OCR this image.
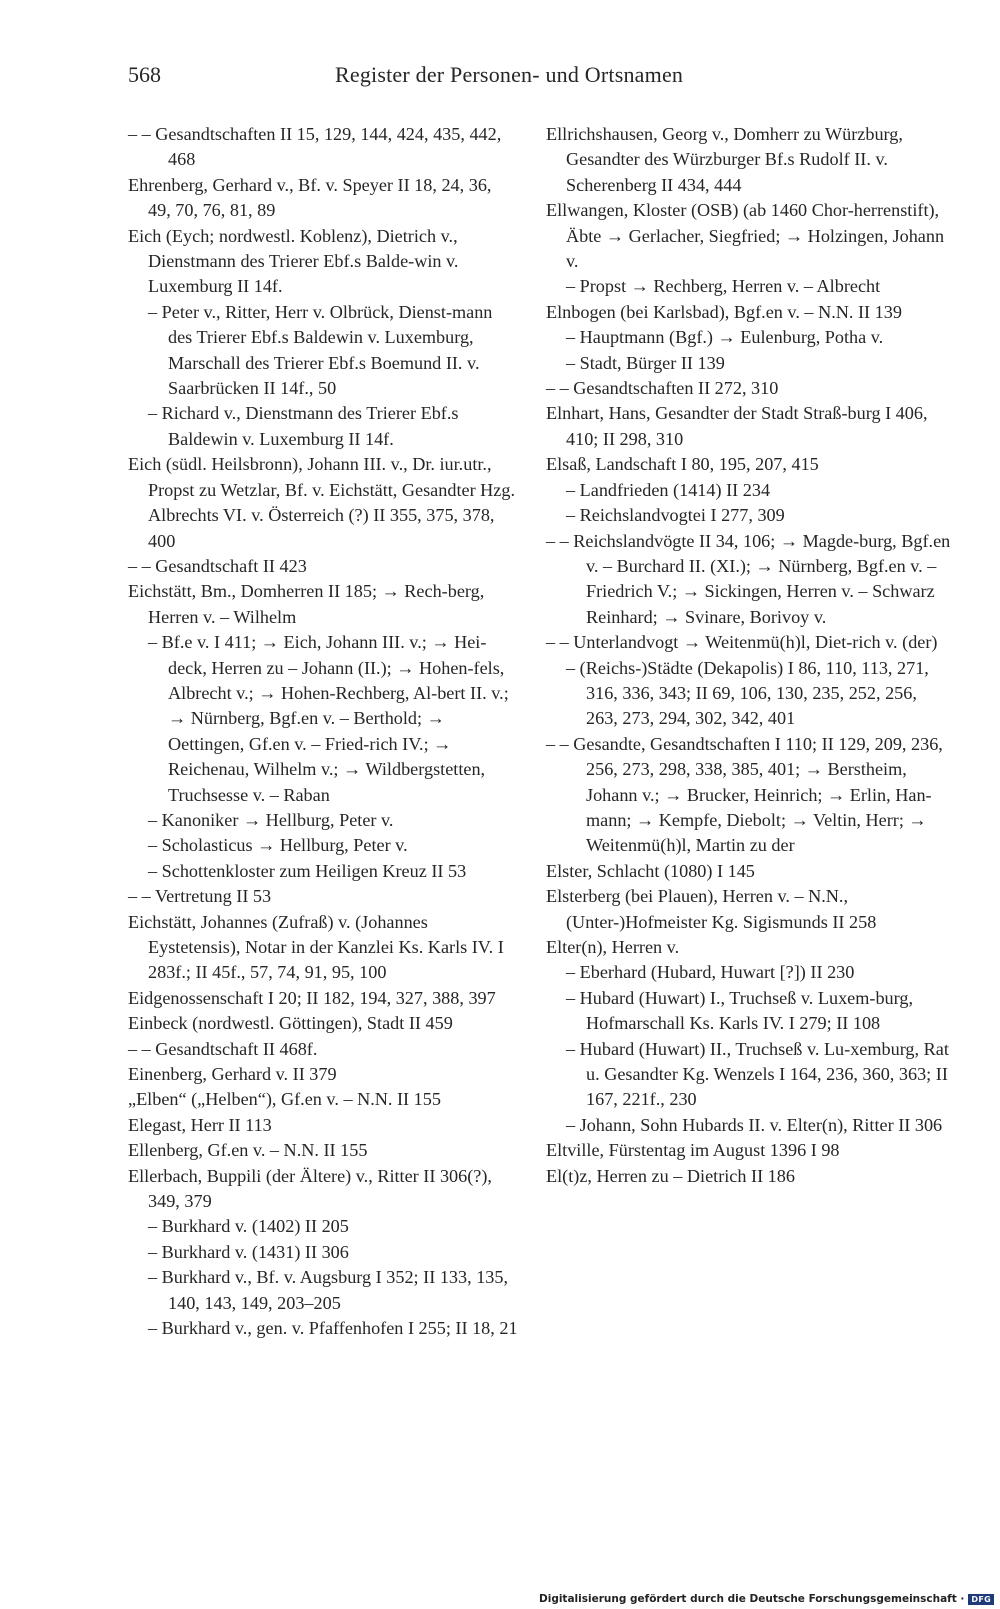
568	Register der Personen- und Ortsnamen

– – Gesandtschaften II 15, 129, 144, 424, 435, 442, 468

Ehrenberg, Gerhard v., Bf. v. Speyer II 18, 24, 36, 49, 70, 76, 81, 89

Eich (Eych; nordwestl. Koblenz), Dietrich v., Dienstmann des Trierer Ebf.s Balde-win v. Luxemburg II 14f.

– Peter v., Ritter, Herr v. Olbrück, Dienst-mann des Trierer Ebf.s Baldewin v. Luxemburg, Marschall des Trierer Ebf.s Boemund II. v. Saarbrücken II 14f., 50

– Richard v., Dienstmann des Trierer Ebf.s Baldewin v. Luxemburg II 14f.

Eich (südl. Heilsbronn), Johann III. v., Dr. iur.utr., Propst zu Wetzlar, Bf. v. Eichstätt, Gesandter Hzg. Albrechts VI. v. Österreich (?) II 355, 375, 378, 400

– – Gesandtschaft II 423

Eichstätt, Bm., Domherren II 185; → Rech-berg, Herren v. – Wilhelm

– Bf.e v. I 411; → Eich, Johann III. v.; → Hei-deck, Herren zu – Johann (II.); → Hohen-fels, Albrecht v.; → Hohen-Rechberg, Al-bert II. v.; → Nürnberg, Bgf.en v. – Berthold; → Oettingen, Gf.en v. – Fried-rich IV.; → Reichenau, Wilhelm v.; → Wildbergstetten, Truchsesse v. – Raban

– Kanoniker → Hellburg, Peter v.

– Scholasticus → Hellburg, Peter v.

– Schottenkloster zum Heiligen Kreuz II 53

– – Vertretung II 53

Eichstätt, Johannes (Zufraß) v. (Johannes Eystetensis), Notar in der Kanzlei Ks. Karls IV. I 283f.; II 45f., 57, 74, 91, 95, 100

Eidgenossenschaft I 20; II 182, 194, 327, 388, 397

Einbeck (nordwestl. Göttingen), Stadt II 459

– – Gesandtschaft II 468f.

Einenberg, Gerhard v. II 379

„Elben“ („Helben“), Gf.en v. – N.N. II 155

Elegast, Herr II 113

Ellenberg, Gf.en v. – N.N. II 155

Ellerbach, Buppili (der Ältere) v., Ritter II 306(?), 349, 379

– Burkhard v. (1402) II 205

– Burkhard v. (1431) II 306

– Burkhard v., Bf. v. Augsburg I 352; II 133, 135, 140, 143, 149, 203–205

– Burkhard v., gen. v. Pfaffenhofen I 255; II 18, 21

Ellrichshausen, Georg v., Domherr zu Würzburg, Gesandter des Würzburger Bf.s Rudolf II. v. Scherenberg II 434, 444

Ellwangen, Kloster (OSB) (ab 1460 Chor-herrenstift), Äbte → Gerlacher, Siegfried; → Holzingen, Johann v.

– Propst → Rechberg, Herren v. – Albrecht

Elnbogen (bei Karlsbad), Bgf.en v. – N.N. II 139

– Hauptmann (Bgf.) → Eulenburg, Potha v.

– Stadt, Bürger II 139

– – Gesandtschaften II 272, 310

Elnhart, Hans, Gesandter der Stadt Straß-burg I 406, 410; II 298, 310

Elsaß, Landschaft I 80, 195, 207, 415

– Landfrieden (1414) II 234

– Reichslandvogtei I 277, 309

– – Reichslandvögte II 34, 106; → Magde-burg, Bgf.en v. – Burchard II. (XI.); → Nürnberg, Bgf.en v. – Friedrich V.; → Sickingen, Herren v. – Schwarz Reinhard; → Svinare, Borivoy v.

– – Unterlandvogt → Weitenmü(h)l, Diet-rich v. (der)

– (Reichs-)Städte (Dekapolis) I 86, 110, 113, 271, 316, 336, 343; II 69, 106, 130, 235, 252, 256, 263, 273, 294, 302, 342, 401

– – Gesandte, Gesandtschaften I 110; II 129, 209, 236, 256, 273, 298, 338, 385, 401; → Berstheim, Johann v.; → Brucker, Heinrich; → Erlin, Han-mann; → Kempfe, Diebolt; → Veltin, Herr; → Weitenmü(h)l, Martin zu der

Elster, Schlacht (1080) I 145

Elsterberg (bei Plauen), Herren v. – N.N., (Unter-)Hofmeister Kg. Sigismunds II 258

Elter(n), Herren v.

– Eberhard (Hubard, Huwart [?]) II 230

– Hubard (Huwart) I., Truchseß v. Luxem-burg, Hofmarschall Ks. Karls IV. I 279; II 108

– Hubard (Huwart) II., Truchseß v. Lu-xemburg, Rat u. Gesandter Kg. Wenzels I 164, 236, 360, 363; II 167, 221f., 230

– Johann, Sohn Hubards II. v. Elter(n), Ritter II 306

Eltville, Fürstentag im August 1396 I 98

El(t)z, Herren zu – Dietrich II 186

Digitalisierung gefördert durch die Deutsche Forschungsgemeinschaft · DFG
